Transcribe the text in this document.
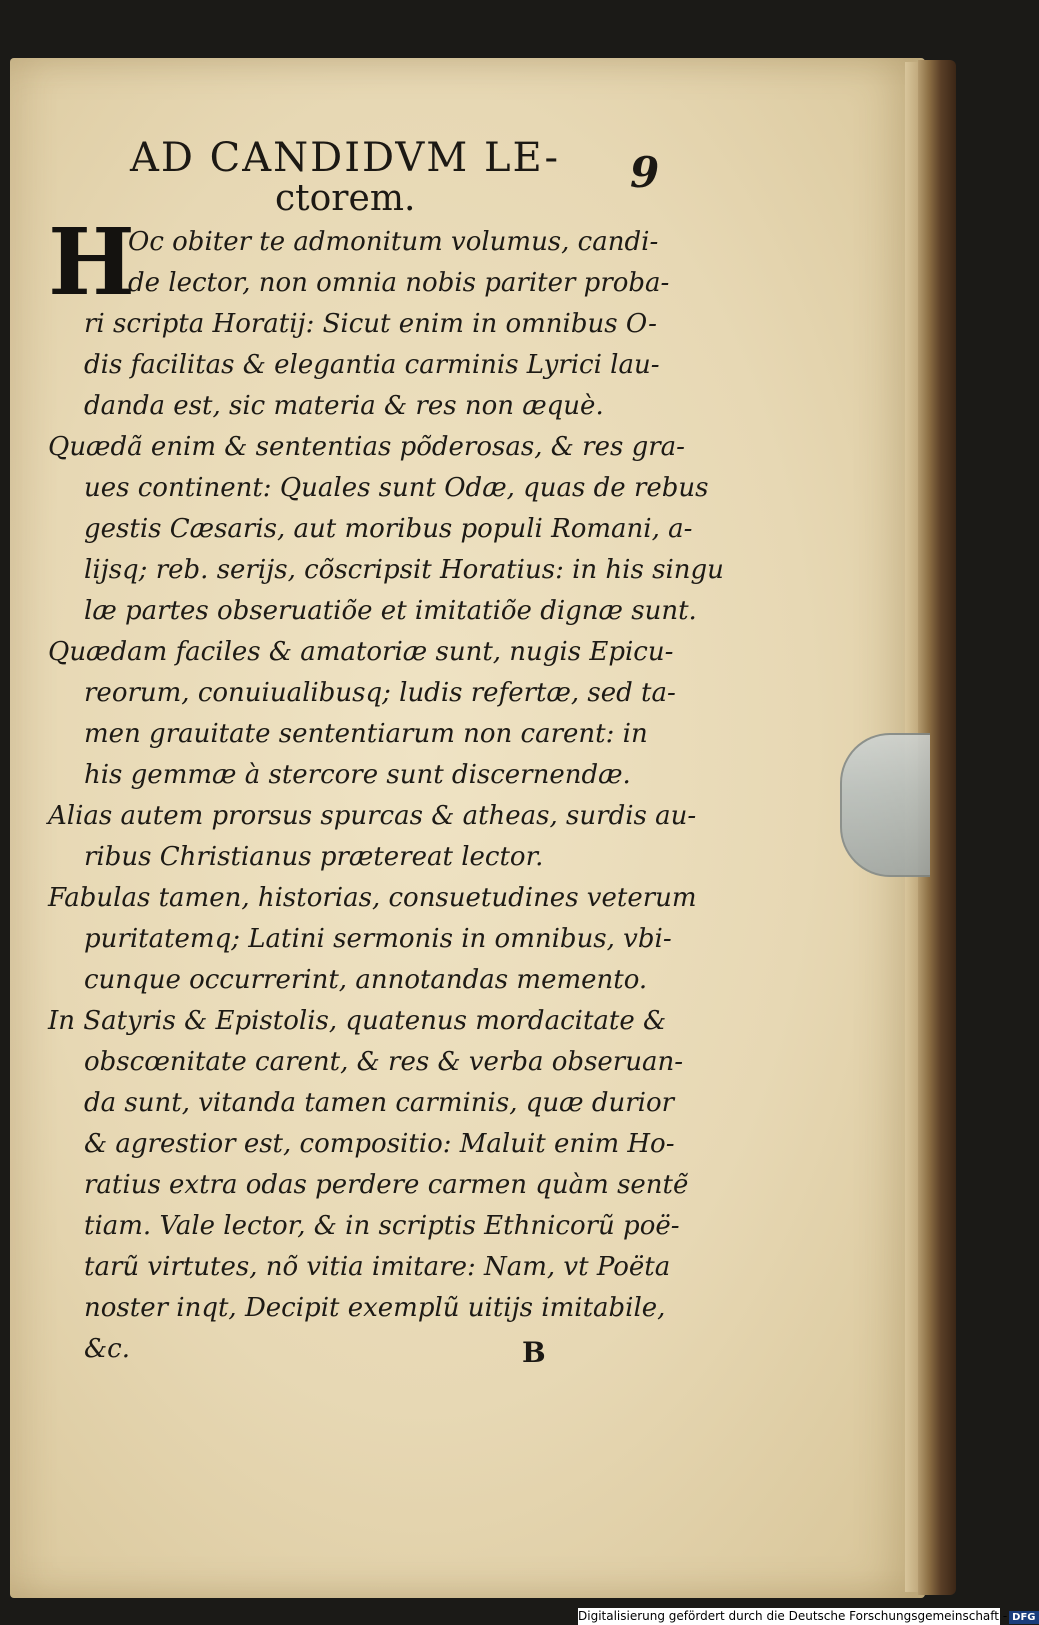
AD CANDIDVM LE-
ctorem.
9
H
Oc obiter te admonitum volumus, candi-
de lector, non omnia nobis pariter proba-
ri scripta Horatij: Sicut enim in omnibus O-
dis facilitas & elegantia carminis Lyrici lau-
danda est, sic materia & res non æquè.
Quædã enim & sententias põderosas, & res gra-
ues continent: Quales sunt Odæ, quas de rebus
gestis Cæsaris, aut moribus populi Romani, a-
lijsq; reb. serijs, cõscripsit Horatius: in his singu
læ partes obseruatiõe et imitatiõe dignæ sunt.
Quædam faciles & amatoriæ sunt, nugis Epicu-
reorum, conuiualibusq; ludis refertæ, sed ta-
men grauitate sententiarum non carent: in
his gemmæ à stercore sunt discernendæ.
Alias autem prorsus spurcas & atheas, surdis au-
ribus Christianus prætereat lector.
Fabulas tamen, historias, consuetudines veterum
puritatemq; Latini sermonis in omnibus, vbi-
cunque occurrerint, annotandas memento.
In Satyris & Epistolis, quatenus mordacitate &
obscœnitate carent, & res & verba obseruan-
da sunt, vitanda tamen carminis, quæ durior
& agrestior est, compositio: Maluit enim Ho-
ratius extra odas perdere carmen quàm sentẽ
tiam. Vale lector, & in scriptis Ethnicorũ poë-
tarũ virtutes, nõ vitia imitare: Nam, vt Poëta
noster inqt, Decipit exemplũ uitijs imitabile,
&c.	B
Digitalisierung gefördert durch die Deutsche Forschungsgemeinschaft - DFG
